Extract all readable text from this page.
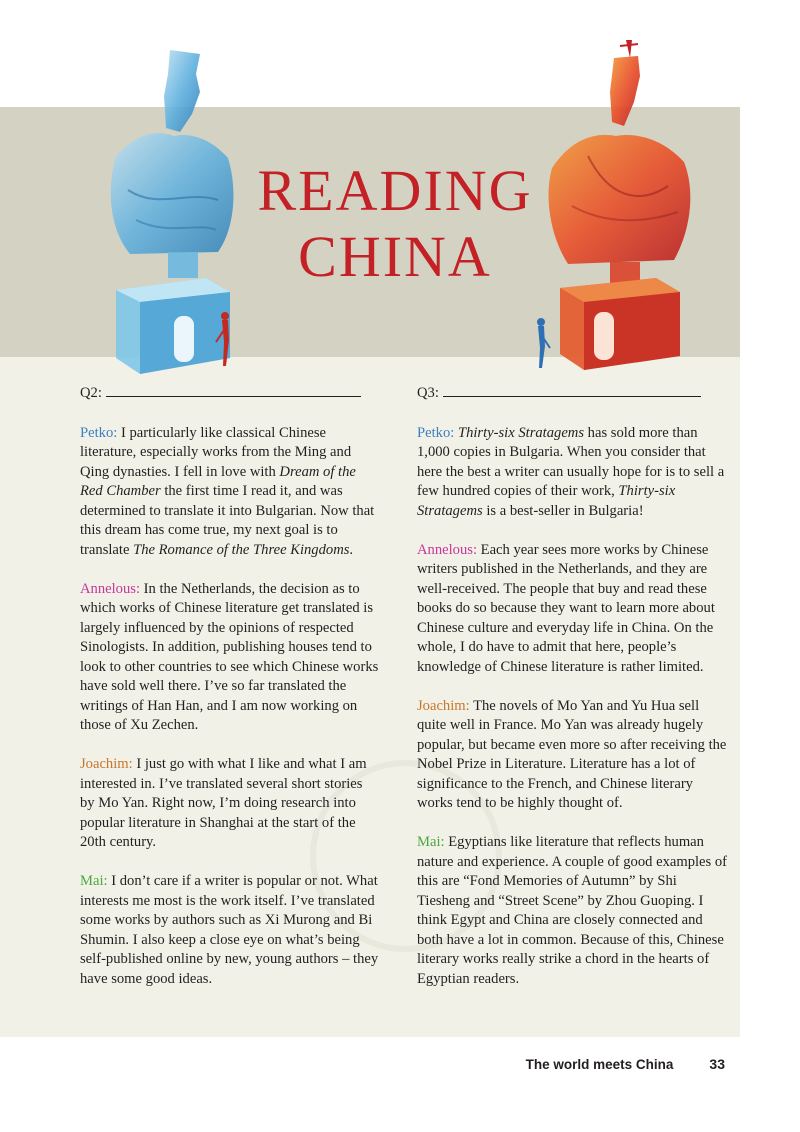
READING
CHINA

Q2:

Petko: I particularly like classical Chinese literature, especially works from the Ming and Qing dynasties. I fell in love with Dream of the Red Chamber the first time I read it, and was determined to translate it into Bulgarian. Now that this dream has come true, my next goal is to translate The Romance of the Three Kingdoms.

Annelous: In the Netherlands, the decision as to which works of Chinese literature get translated is largely influenced by the opinions of respected Sinologists. In addition, publishing houses tend to look to other countries to see which Chinese works have sold well there. I’ve so far translated the writings of Han Han, and I am now working on those of Xu Zechen.

Joachim: I just go with what I like and what I am interested in. I’ve translated several short stories by Mo Yan. Right now, I’m doing research into popular literature in Shanghai at the start of the 20th century.

Mai: I don’t care if a writer is popular or not. What interests me most is the work itself. I’ve translated some works by authors such as Xi Murong and Bi Shumin. I also keep a close eye on what’s being self-published online by new, young authors – they have some good ideas.

Q3:

Petko: Thirty-six Stratagems has sold more than 1,000 copies in Bulgaria. When you consider that here the best a writer can usually hope for is to sell a few hundred copies of their work, Thirty-six Stratagems is a best-seller in Bulgaria!

Annelous: Each year sees more works by Chinese writers published in the Netherlands, and they are well-received. The people that buy and read these books do so because they want to learn more about Chinese culture and everyday life in China. On the whole, I do have to admit that here, people’s knowledge of Chinese literature is rather limited.

Joachim: The novels of Mo Yan and Yu Hua sell quite well in France. Mo Yan was already hugely popular, but became even more so after receiving the Nobel Prize in Literature. Literature has a lot of significance to the French, and Chinese literary works tend to be highly thought of.

Mai: Egyptians like literature that reflects human nature and experience. A couple of good examples of this are “Fond Memories of Autumn” by Shi Tiesheng and “Street Scene” by Zhou Guoping. I think Egypt and China are closely connected and both have a lot in common. Because of this, Chinese literary works really strike a chord in the hearts of Egyptian readers.

The world meets China	33
